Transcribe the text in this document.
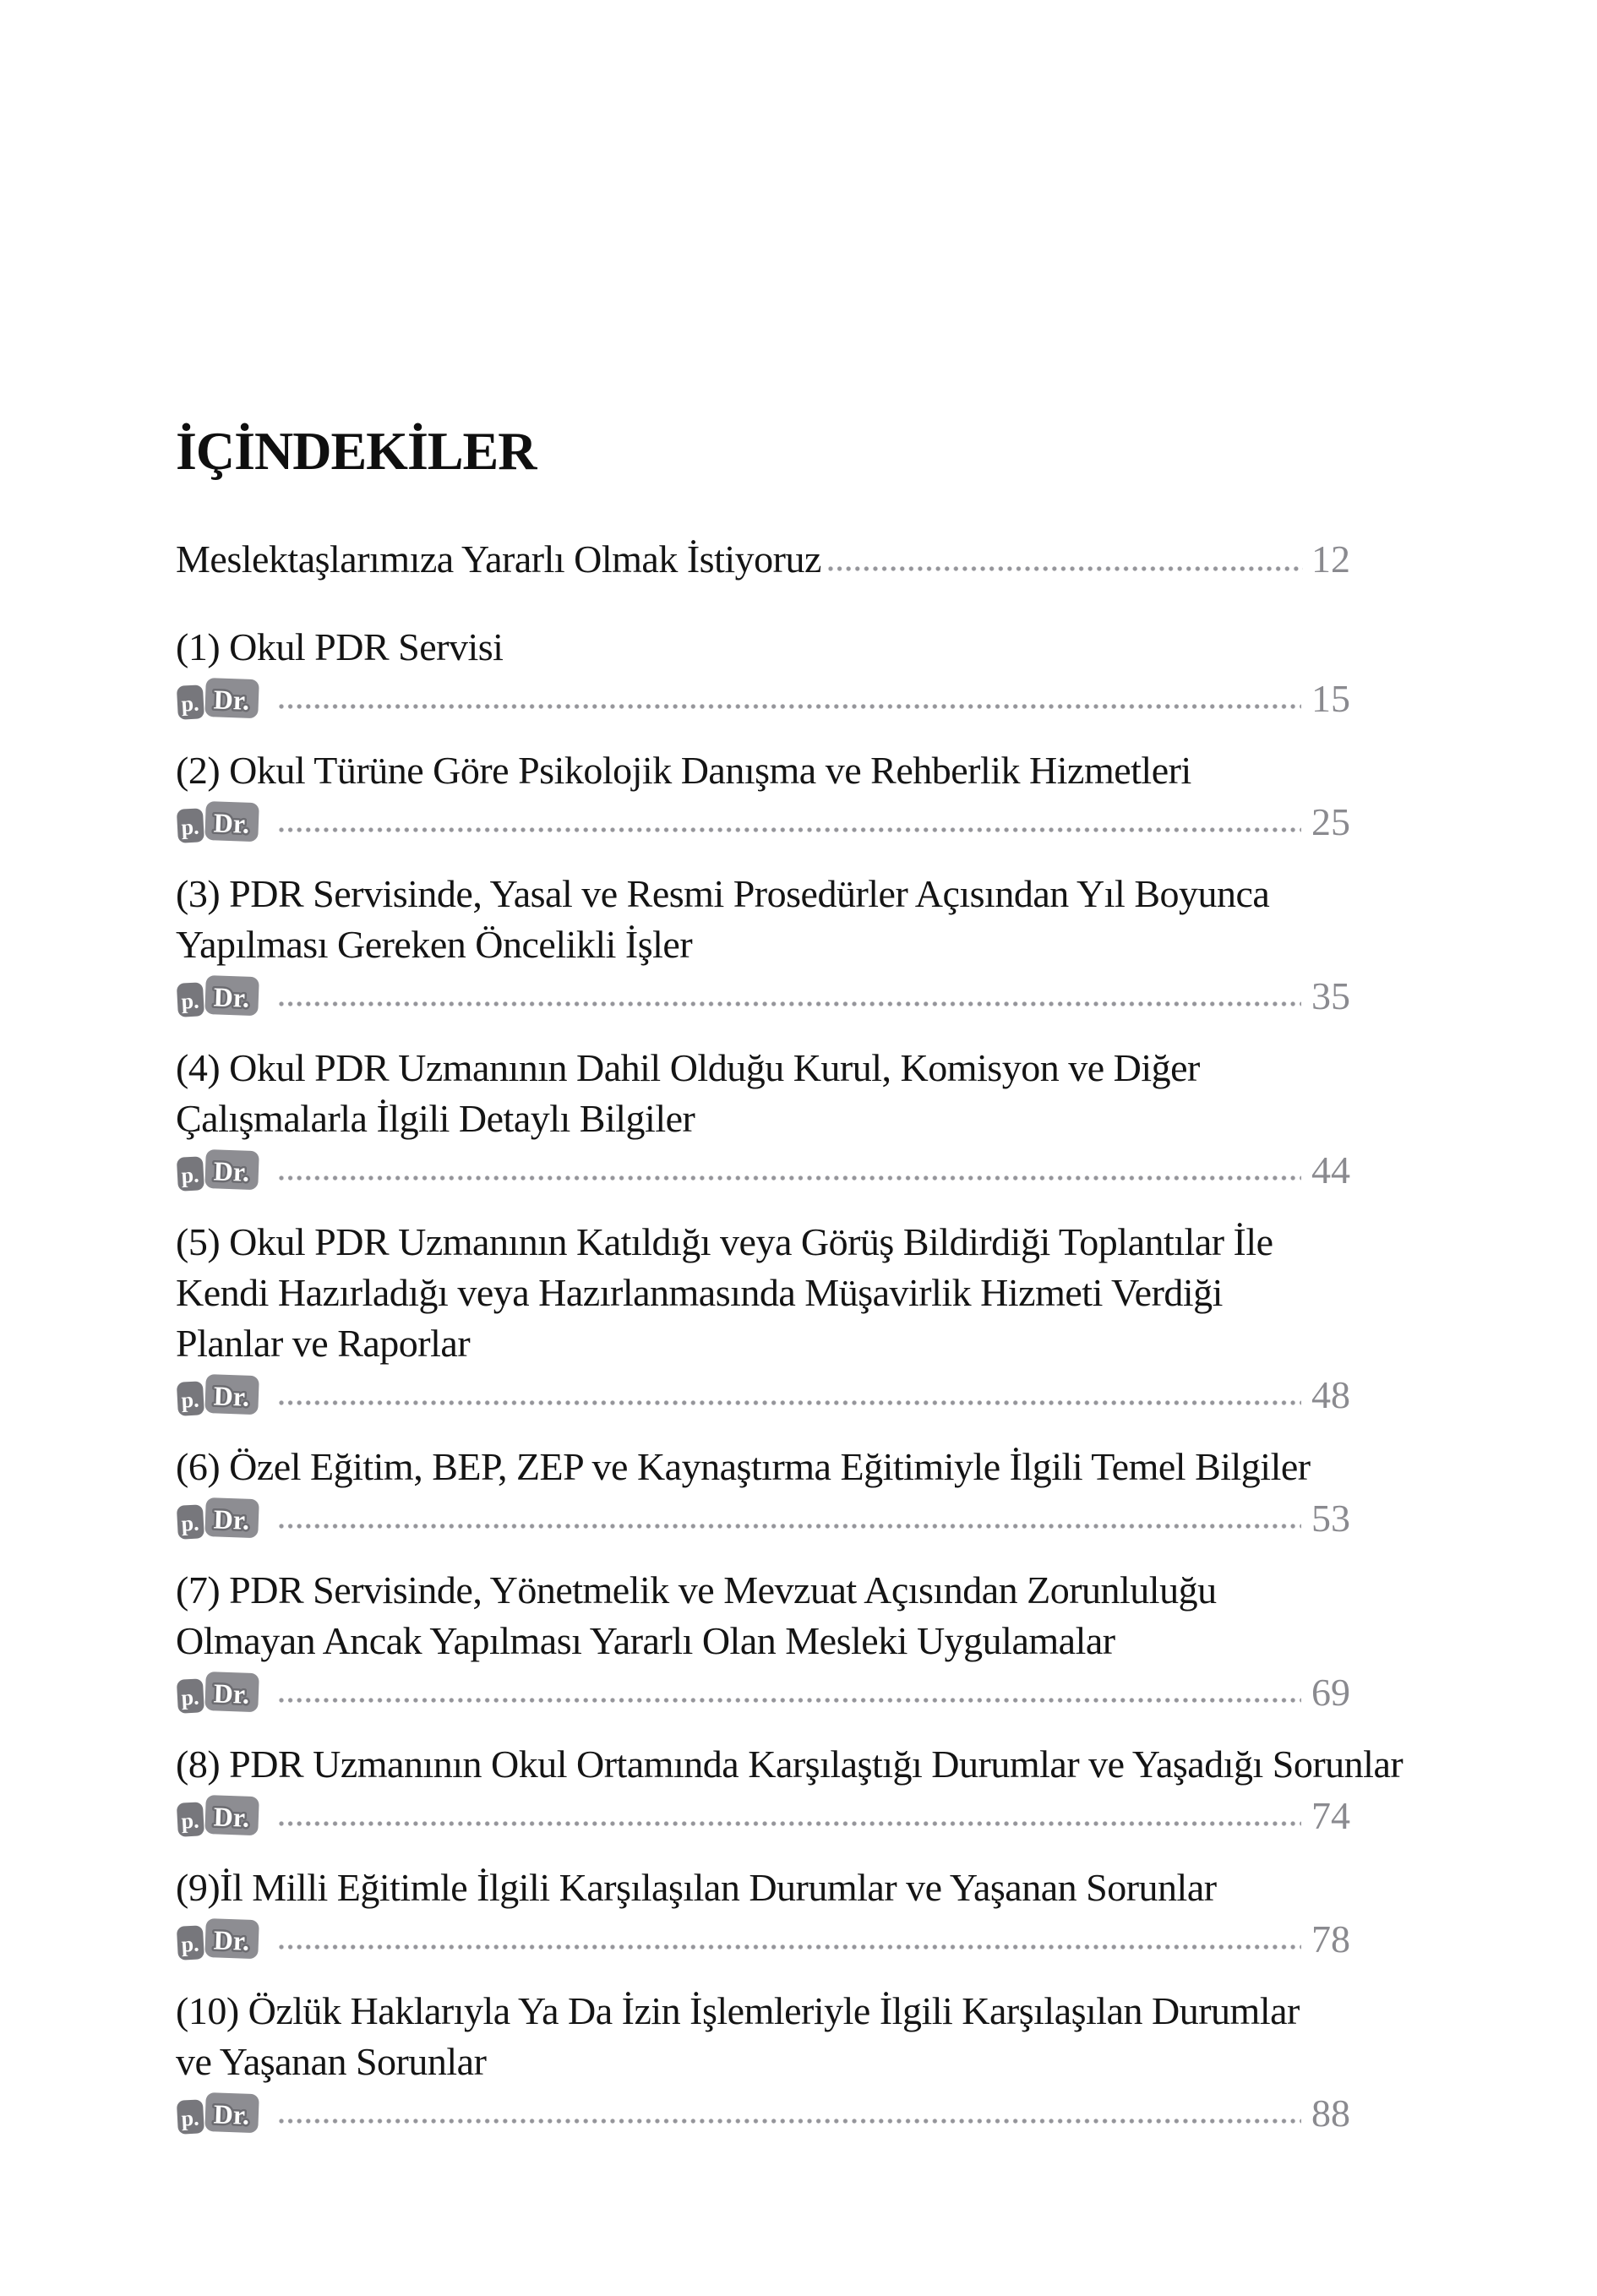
İÇİNDEKİLER
Meslektaşlarımıza Yararlı Olmak İstiyoruz	12
(1) Okul PDR Servisi
p. Dr.	15
(2) Okul Türüne Göre Psikolojik Danışma ve Rehberlik Hizmetleri
p. Dr.	25
(3) PDR Servisinde, Yasal ve Resmi Prosedürler Açısından Yıl Boyunca
Yapılması Gereken Öncelikli İşler
p. Dr.	35
(4) Okul PDR Uzmanının Dahil Olduğu Kurul, Komisyon ve Diğer
Çalışmalarla İlgili Detaylı Bilgiler
p. Dr.	44
(5) Okul PDR Uzmanının Katıldığı veya Görüş Bildirdiği Toplantılar İle
Kendi Hazırladığı veya Hazırlanmasında Müşavirlik Hizmeti Verdiği
Planlar ve Raporlar
p. Dr.	48
(6) Özel Eğitim, BEP, ZEP ve Kaynaştırma Eğitimiyle İlgili Temel Bilgiler
p. Dr.	53
(7) PDR Servisinde, Yönetmelik ve Mevzuat Açısından Zorunluluğu
Olmayan Ancak Yapılması Yararlı Olan Mesleki Uygulamalar
p. Dr.	69
(8) PDR Uzmanının Okul Ortamında Karşılaştığı Durumlar ve Yaşadığı Sorunlar
p. Dr.	74
(9)İl Milli Eğitimle İlgili Karşılaşılan Durumlar ve Yaşanan Sorunlar
p. Dr.	78
(10) Özlük Haklarıyla Ya Da İzin İşlemleriyle İlgili Karşılaşılan Durumlar
ve Yaşanan Sorunlar
p. Dr.	88
